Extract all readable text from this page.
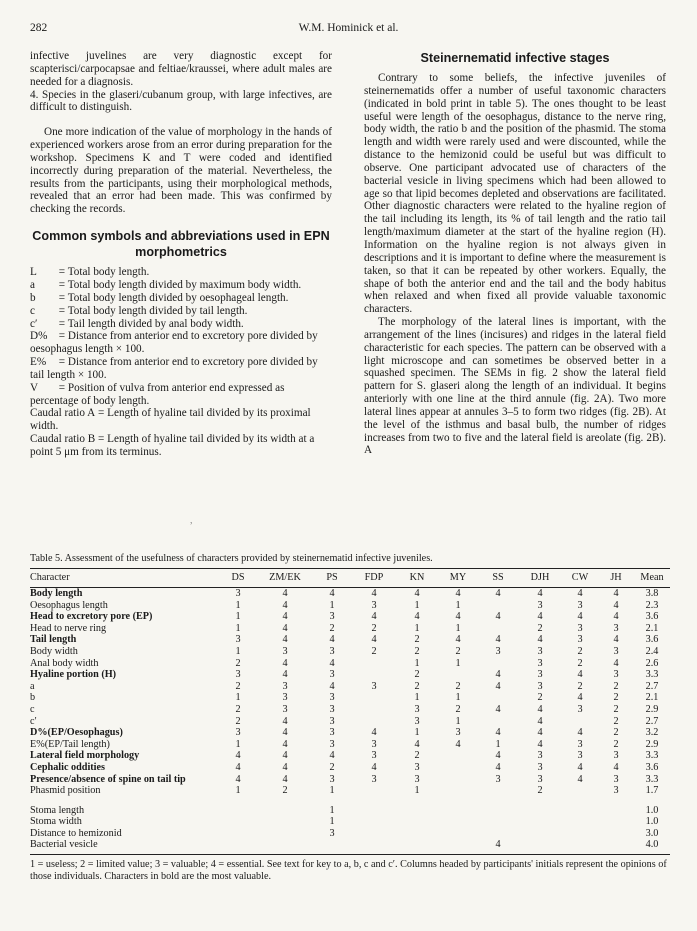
282	W.M. Hominick et al.

infective juvelines are very diagnostic except for scapterisci/carpocapsae and feltiae/kraussei, where adult males are needed for a diagnosis.

4. Species in the glaseri/cubanum group, with large infectives, are difficult to distinguish.

One more indication of the value of morphology in the hands of experienced workers arose from an error during preparation for the workshop. Specimens K and T were coded and identified incorrectly during preparation of the material. Nevertheless, the results from the participants, using their morphological methods, revealed that an error had been made. This was confirmed by checking the records.

Common symbols and abbreviations used in EPN morphometrics

L = Total body length.

a = Total body length divided by maximum body width.

b = Total body length divided by oesophageal length.

c = Total body length divided by tail length.

c′ = Tail length divided by anal body width.

D% = Distance from anterior end to excretory pore divided by oesophagus length × 100.

E% = Distance from anterior end to excretory pore divided by tail length × 100.

V = Position of vulva from anterior end expressed as percentage of body length.

Caudal ratio A = Length of hyaline tail divided by its proximal width.

Caudal ratio B = Length of hyaline tail divided by its width at a point 5 μm from its terminus.

Steinernematid infective stages

Contrary to some beliefs, the infective juveniles of steinernematids offer a number of useful taxonomic characters (indicated in bold print in table 5). The ones thought to be least useful were length of the oesophagus, distance to the nerve ring, body width, the ratio b and the position of the phasmid. The stoma length and width were rarely used and were discounted, while the distance to the hemizonid could be useful but was difficult to observe. One participant advocated use of characters of the bacterial vesicle in living specimens which had been allowed to age so that lipid becomes depleted and observations are facilitated. Other diagnostic characters were related to the hyaline region of the tail including its length, its % of tail length and the ratio tail length/maximum diameter at the start of the hyaline region (H). Information on the hyaline region is not always given in descriptions and it is important to define where the measurement is taken, so that it can be repeated by other workers. Equally, the shape of both the anterior end and the tail and the body habitus when relaxed and when fixed all provide valuable taxonomic characters.

The morphology of the lateral lines is important, with the arrangement of the lines (incisures) and ridges in the lateral field characteristic for each species. The pattern can be observed with a light microscope and can sometimes be observed better in a squashed specimen. The SEMs in fig. 2 show the lateral field pattern for S. glaseri along the length of an individual. It begins anteriorly with one line at the third annule (fig. 2A). Two more lateral lines appear at annules 3–5 to form two ridges (fig. 2B). At the level of the isthmus and basal bulb, the number of ridges increases from two to five and the lateral field is areolate (fig. 2B). A

,
Table 5. Assessment of the usefulness of characters provided by steinernematid infective juveniles.
Character	DS	ZM/EK	PS	FDP	KN	MY	SS	DJH	CW	JH	Mean
Body length	3	4	4	4	4	4	4	4	4	4	3.8
Oesophagus length	1	4	1	3	1	1		3	3	4	2.3
Head to excretory pore (EP)	1	4	3	4	4	4	4	4	4	4	3.6
Head to nerve ring	1	4	2	2	1	1		2	3	3	2.1
Tail length	3	4	4	4	2	4	4	4	3	4	3.6
Body width	1	3	3	2	2	2	3	3	2	3	2.4
Anal body width	2	4	4		1	1		3	2	4	2.6
Hyaline portion (H)	3	4	3		2		4	3	4	3	3.3
a	2	3	4	3	2	2	4	3	2	2	2.7
b	1	3	3		1	1		2	4	2	2.1
c	2	3	3		3	2	4	4	3	2	2.9
c′	2	4	3		3	1		4		2	2.7
D%(EP/Oesophagus)	3	4	3	4	1	3	4	4	4	2	3.2
E%(EP/Tail length)	1	4	3	3	4	4	1	4	3	2	2.9
Lateral field morphology	4	4	4	3	2		4	3	3	3	3.3
Cephalic oddities	4	4	2	4	3		4	3	4	4	3.6
Presence/absence of spine on tail tip	4	4	3	3	3		3	3	4	3	3.3
Phasmid position	1	2	1		1			2		3	1.7

Stoma length			1								1.0
Stoma width			1								1.0
Distance to hemizonid			3								3.0
Bacterial vesicle							4				4.0
1 = useless; 2 = limited value; 3 = valuable; 4 = essential. See text for key to a, b, c and c′. Columns headed by participants' initials represent the opinions of those individuals. Characters in bold are the most valuable.
